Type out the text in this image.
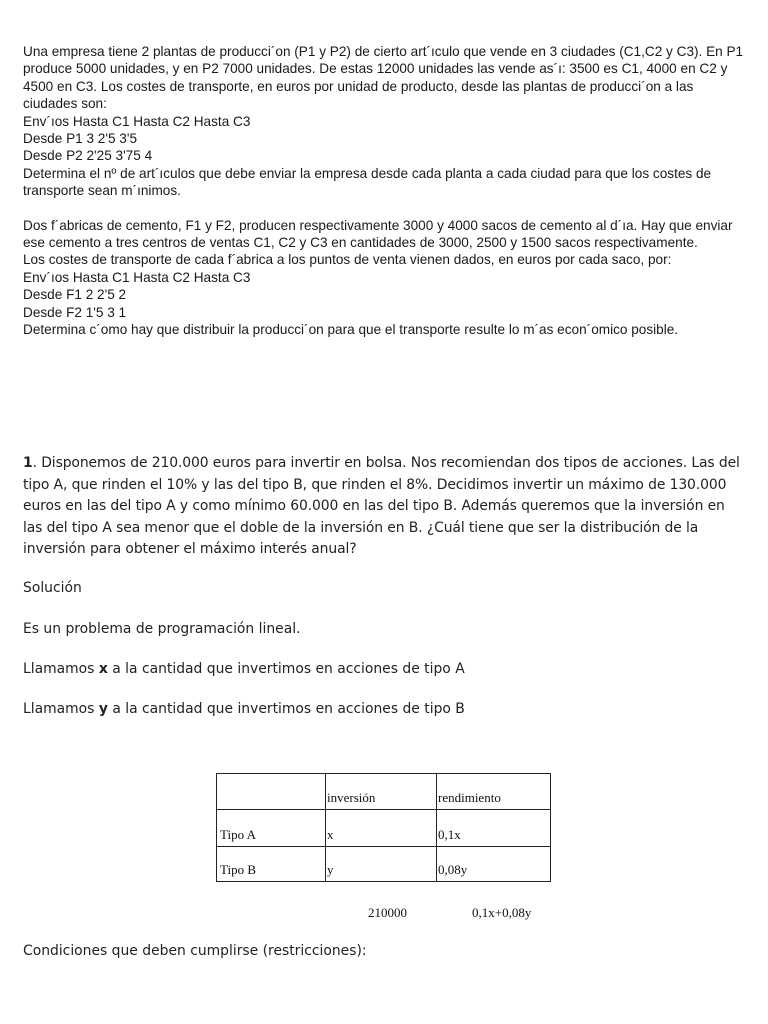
Una empresa tiene 2 plantas de producci´on (P1 y P2) de cierto art´ıculo que vende en 3 ciudades (C1,C2 y C3). En P1 produce 5000 unidades, y en P2 7000 unidades. De estas 12000 unidades las vende as´ı: 3500 es C1, 4000 en C2 y 4500 en C3. Los costes de transporte, en euros por unidad de producto, desde las plantas de producci´on a las ciudades son:
Env´ıos Hasta C1 Hasta C2 Hasta C3
Desde P1 3 2'5 3'5
Desde P2 2'25 3'75 4
Determina el nº de art´ıculos que debe enviar la empresa desde cada planta a cada ciudad para que los costes de transporte sean m´ınimos.
Dos f´abricas de cemento, F1 y F2, producen respectivamente 3000 y 4000 sacos de cemento al d´ıa. Hay que enviar ese cemento a tres centros de ventas C1, C2 y C3 en cantidades de 3000, 2500 y 1500 sacos respectivamente.
Los costes de transporte de cada f´abrica a los puntos de venta vienen dados, en euros por cada saco, por:
Env´ıos Hasta C1 Hasta C2 Hasta C3
Desde F1 2 2'5 2
Desde F2 1'5 3 1
Determina c´omo hay que distribuir la producci´on para que el transporte resulte lo m´as econ´omico posible.

1. Disponemos de 210.000 euros para invertir en bolsa. Nos recomiendan dos tipos de acciones. Las del tipo A, que rinden el 10% y las del tipo B, que rinden el 8%. Decidimos invertir un máximo de 130.000 euros en las del tipo A y como mínimo 60.000 en las del tipo B. Además queremos que la inversión en las del tipo A sea menor que el doble de la inversión en B. ¿Cuál tiene que ser la distribución de la inversión para obtener el máximo interés anual?

Solución
Es un problema de programación lineal.
Llamamos x a la cantidad que invertimos en acciones de tipo A
Llamamos y a la cantidad que invertimos en acciones de tipo B

	inversión	rendimiento

Tipo A	x	0,1x

Tipo B	y	0,08y
210000	0,1x+0,08y
Condiciones que deben cumplirse (restricciones):
